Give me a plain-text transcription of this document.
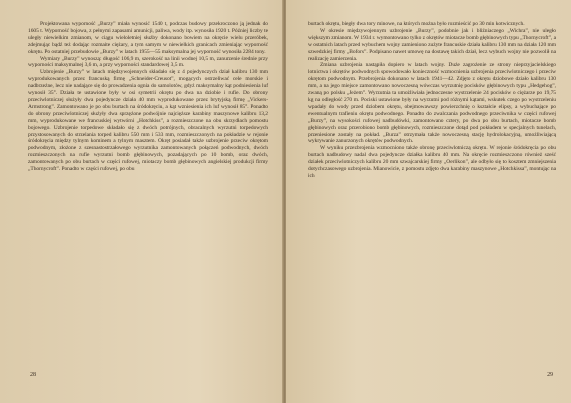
Projektowana wyporność „Burzy” miała wynosić 1540 t, podczas budowy przekroczono ją jednak do 1605 t. Wyporność bojowa, z pełnymi zapasami amunicji, paliwa, wody itp. wynosiła 1920 t. Później liczby te uległy niewielkim zmianom, w ciągu wieloletniej służby dokonano bowiem na okręcie wielu przeróbek, zdejmując bądź też dodając rozmaite ciężary, a tym samym w niewielkich granicach zmieniając wyporność okrętu. Po ostatniej przebudowie „Burzy” w latach 1955—55 maksymalna jej wyporność wynosiła 2284 tony.

Wymiary „Burzy” wynoszą: długość 106,9 m, szerokość na linii wodnej 10,5 m, zanurzenie średnie przy wyporności maksymalnej 3,6 m, a przy wyporności standardowej 3,5 m.

Uzbrojenie „Burzy” w latach międzywojennych składało się z 4 pojedynczych dział kalibru 130 mm wyprodukowanych przez francuską firmę „Schneider-Creusot”, mogących ostrzeliwać cele morskie i nadbrzeżne, lecz nie nadające się do prowadzenia ognia do samolotów, gdyż maksymalny kąt podniesienia luf wynosił 35°. Działa te ustawione były w osi symetrii okrętu po dwa na dziobie i rufie. Do obrony przeciwlotniczej służyły dwa pojedyncze działa 40 mm wyprodukowane przez brytyjską firmę „Vickers-Armstrong”. Zamontowano je po obu burtach na śródokręciu, a kąt wzniesienia ich luf wynosił 85°. Ponadto do obrony przeciwlotniczej służyły dwa sprzężone podwójnie najcięższe karabiny maszynowe kalibru 13,2 mm, wyprodukowane we francuskiej wytwórni „Hotchkiss”, a rozmieszczone na obu skrzydłach pomostu bojowego. Uzbrojenie torpedowe składało się z dwóch potrójnych, obracalnych wyrzutni torpedowych przystosowanych do strzelania torped kalibru 550 mm i 533 mm, rozmieszczonych na pokładzie w rejonie śródokręcia między tylnym kominem a tylnym masztem. Okręt posiadał także uzbrojenie przeciw okrętom podwodnym, złożone z szesnastostrzałowego wyrzutnika zamontowanych połączeń podwodnych, dwóch rozmieszczonych na rufie wyrzutni bomb głębinowych, pozadających po 10 bomb, oraz dwóch, zamontowanych po obu burtach w części rufowej, miotaczy bomb głębinowych angielskiej produkcji firmy „Thornycroft”. Ponadto w części rufowej, po obu

28

burtach okrętu, biegły dwa tory minowe, na których można było rozmieścić po 30 min kotwicznych.

W okresie międzywojennym uzbrojenie „Burzy”, podobnie jak i bliźniaczego „Wichra”, nie uległo większym zmianom. W 1934 r. wymontowano tylko z okrętów miotacze bomb głębinowych typu „Thornycroft”, a w ostatnich latach przed wybuchem wojny zamieniono zużyte francuskie działa kalibru 130 mm na działa 120 mm szwedzkiej firmy „Bofors”. Podpisano nawet umowę na dostawę takich dział, lecz wybuch wojny nie pozwolił na realizację zamierzenia.

Zmiana uzbrojenia nastąpiła dopiero w latach wojny. Duże zagrożenie ze strony nieprzyjacielskiego lotnictwa i okrętów podwodnych spowodowało konieczność wzmocnienia uzbrojenia przeciwlotniczego i przeciw okrętom podwodnym. Przebrojenia dokonano w latach 1941—42. Zdjęto z okrętu dziobowe działo kalibru 130 mm, a na jego miejsce zamontowano nowoczesną wówczas wyrzutnię pocisków głębinowych typu „Hedgehog”, zwaną po polsku „Jeżem”. Wyrzutnia ta umożliwiała jednoczesne wystrzelenie 24 pocisków o ciężarze po 19,75 kg na odległość 270 m. Pociski ustawione były na wyrzutni pod różnymi kątami, wskutek czego po wystrzeleniu wpadały do wody przed dziobem okrętu, obejmowawszy powierzchnię o kształcie elipsy, a wybuchające po ewentualnym trafieniu okrętu podwodnego. Ponadto do zwalczania podwodnego przeciwnika w części rufowej „Burzy”, na wysokości rufowej nadbudówki, zamontowano cztery, po dwa po obu burtach, miotacze bomb głębinowych oraz przerobiono bomb głębinowych, rozmieszczone dotąd pod pokładem w specjalnych tunelach, przeniesione zostały na pokład. „Burza” otrzymała także nowoczesną stację hydrolokacyjną, umożliwiającą wykrywanie zanurzonych okrętów podwodnych.

W wyniku przezbrojenia wzmocniono także obronę przeciwlotniczą okrętu. W rejonie śródokręcia po obu burtach nadbudowy nadal dwa pojedyncze działka kalibru 40 mm. Na okręcie rozmieszczono również sześć działek przeciwlotniczych kalibru 20 mm szwajcarskiej firmy „Oerlikon”, ale odbyło się to kosztem zmniejszenia dotychczasowego uzbrojenia. Mianowicie, z pomostu zdjęto dwa karabiny maszynowe „Hotchkissa”, montując na ich

29
